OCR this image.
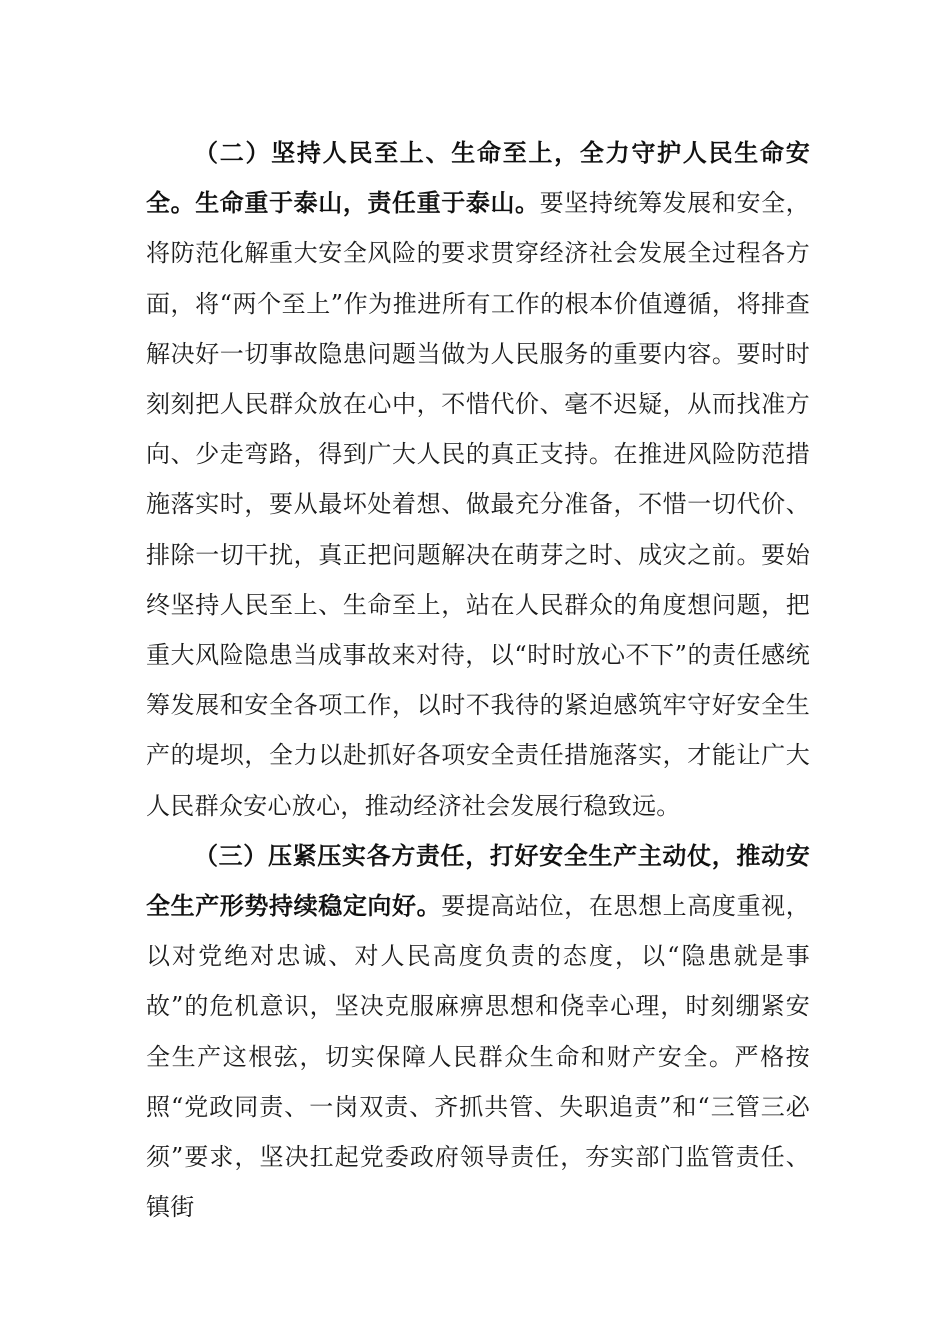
（二）坚持人民至上、生命至上，全力守护人民生命安全。生命重于泰山，责任重于泰山。要坚持统筹发展和安全，将防范化解重大安全风险的要求贯穿经济社会发展全过程各方面，将“两个至上”作为推进所有工作的根本价值遵循，将排查解决好一切事故隐患问题当做为人民服务的重要内容。要时时刻刻把人民群众放在心中，不惜代价、毫不迟疑，从而找准方向、少走弯路，得到广大人民的真正支持。在推进风险防范措施落实时，要从最坏处着想、做最充分准备，不惜一切代价、排除一切干扰，真正把问题解决在萌芽之时、成灾之前。要始终坚持人民至上、生命至上，站在人民群众的角度想问题，把重大风险隐患当成事故来对待，以“时时放心不下”的责任感统筹发展和安全各项工作，以时不我待的紧迫感筑牢守好安全生产的堤坝，全力以赴抓好各项安全责任措施落实，才能让广大人民群众安心放心，推动经济社会发展行稳致远。

（三）压紧压实各方责任，打好安全生产主动仗，推动安全生产形势持续稳定向好。要提高站位，在思想上高度重视，以对党绝对忠诚、对人民高度负责的态度，以“隐患就是事故”的危机意识，坚决克服麻痹思想和侥幸心理，时刻绷紧安全生产这根弦，切实保障人民群众生命和财产安全。严格按照“党政同责、一岗双责、齐抓共管、失职追责”和“三管三必须”要求，坚决扛起党委政府领导责任，夯实部门监管责任、镇街
